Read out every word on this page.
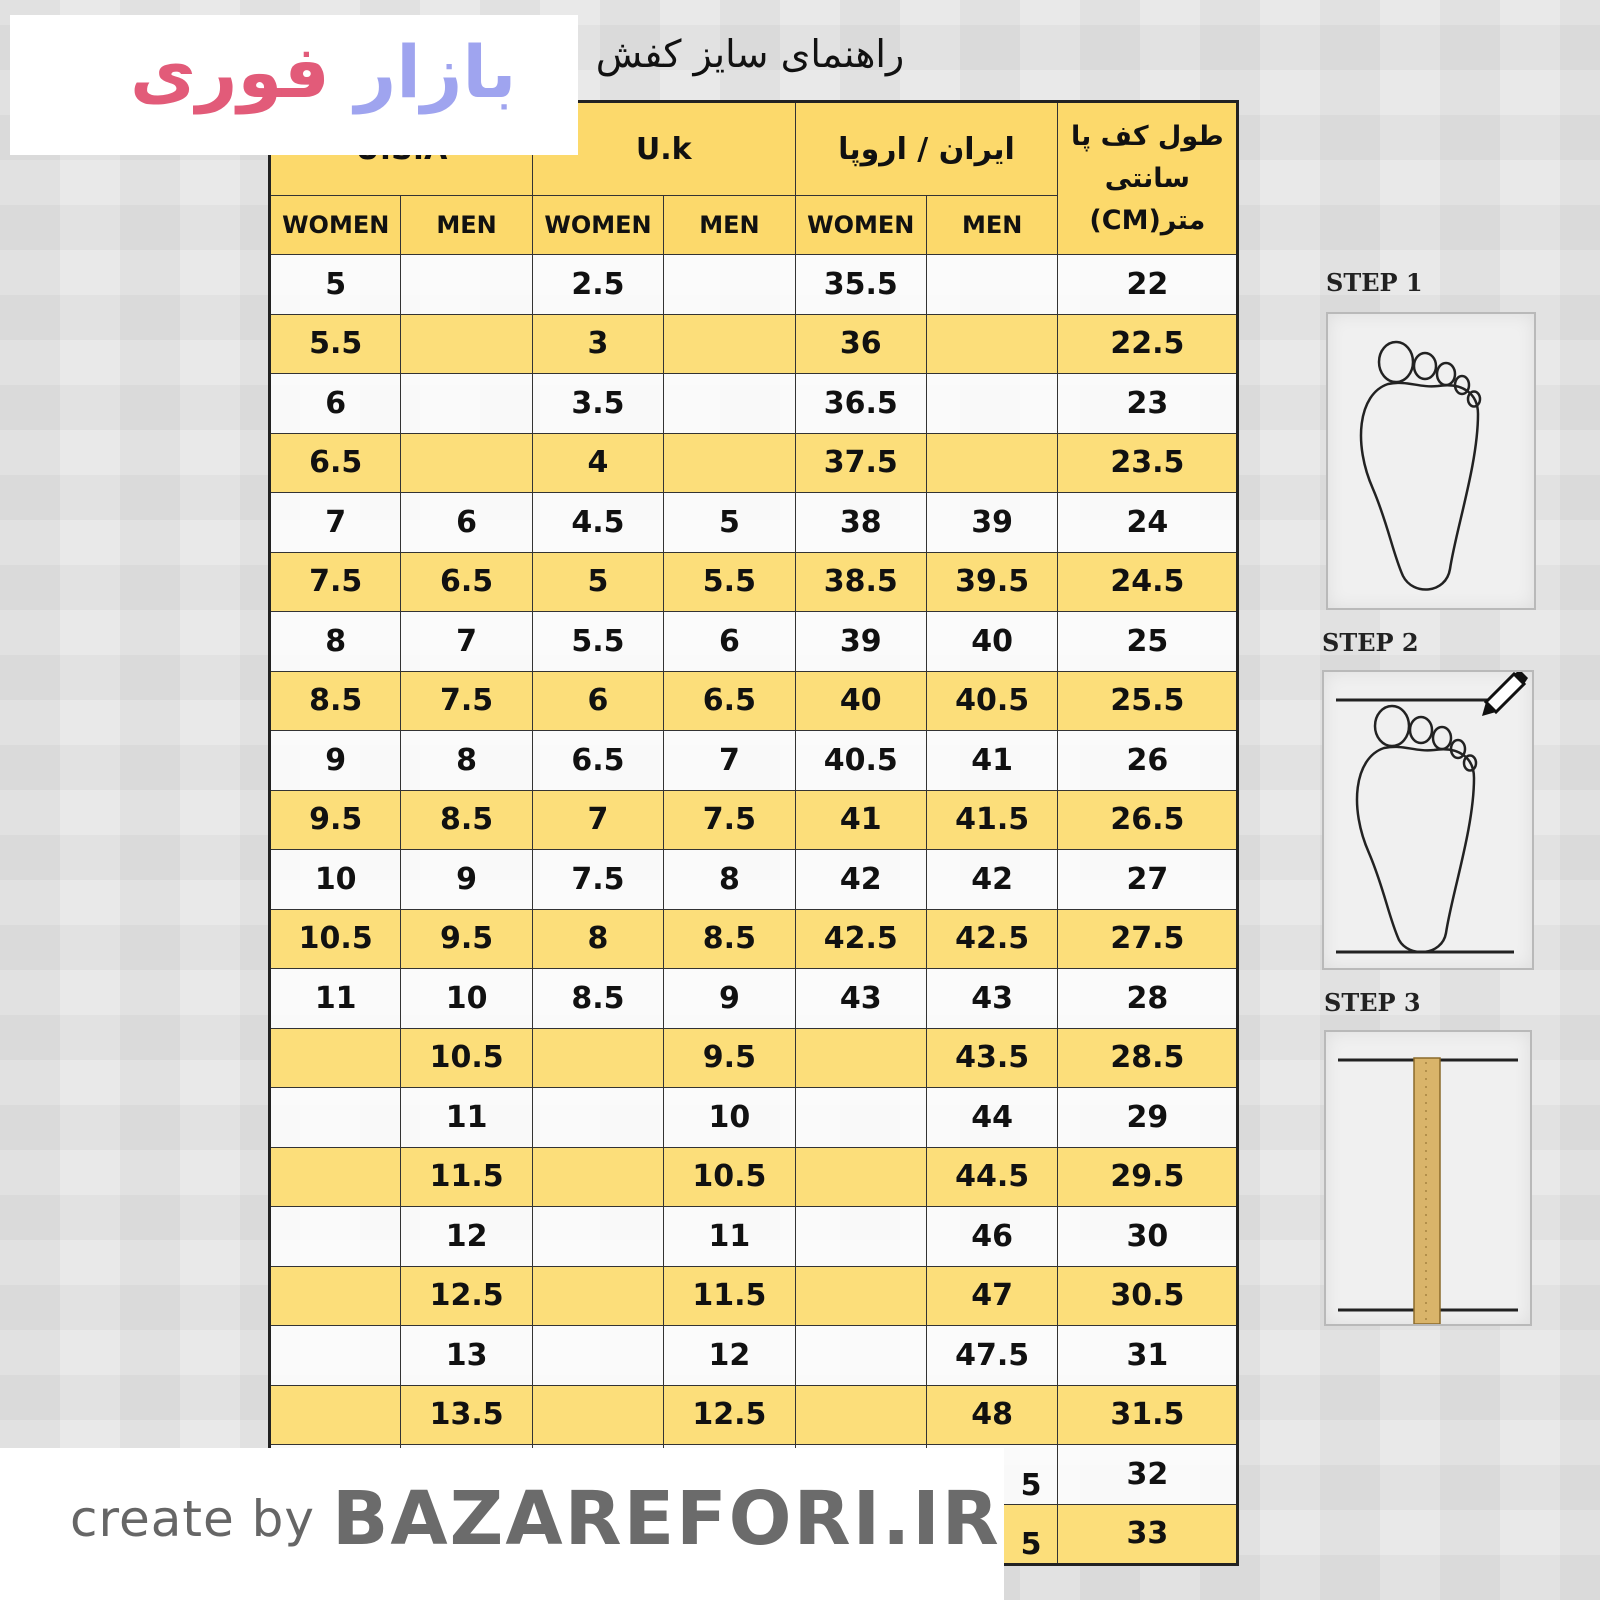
	U.k		ایران / اروپا		طول کف پا
سانتی متر(CM)

WOMEN	MEN	WOMEN	MEN	WOMEN	MEN	
5		2.5		35.5		22
5.5		3		36		22.5
6		3.5		36.5		23
6.5		4		37.5		23.5
7	6	4.5	5	38	39	24
7.5	6.5	5	5.5	38.5	39.5	24.5
8	7	5.5	6	39	40	25
8.5	7.5	6	6.5	40	40.5	25.5
9	8	6.5	7	40.5	41	26
9.5	8.5	7	7.5	41	41.5	26.5
10	9	7.5	8	42	42	27
10.5	9.5	8	8.5	42.5	42.5	27.5
11	10	8.5	9	43	43	28
	10.5		9.5		43.5	28.5
	11		10		44	29
	11.5		10.5		44.5	29.5
	12		11		46	30
	12.5		11.5		47	30.5
	13		12		47.5	31
	13.5		12.5		48	31.5
						32
						33
بازار فوری	راهنمای سایز کفش
STEP 1
STEP 2
STEP 3
create by BAZAREFORI.IR 5
5
